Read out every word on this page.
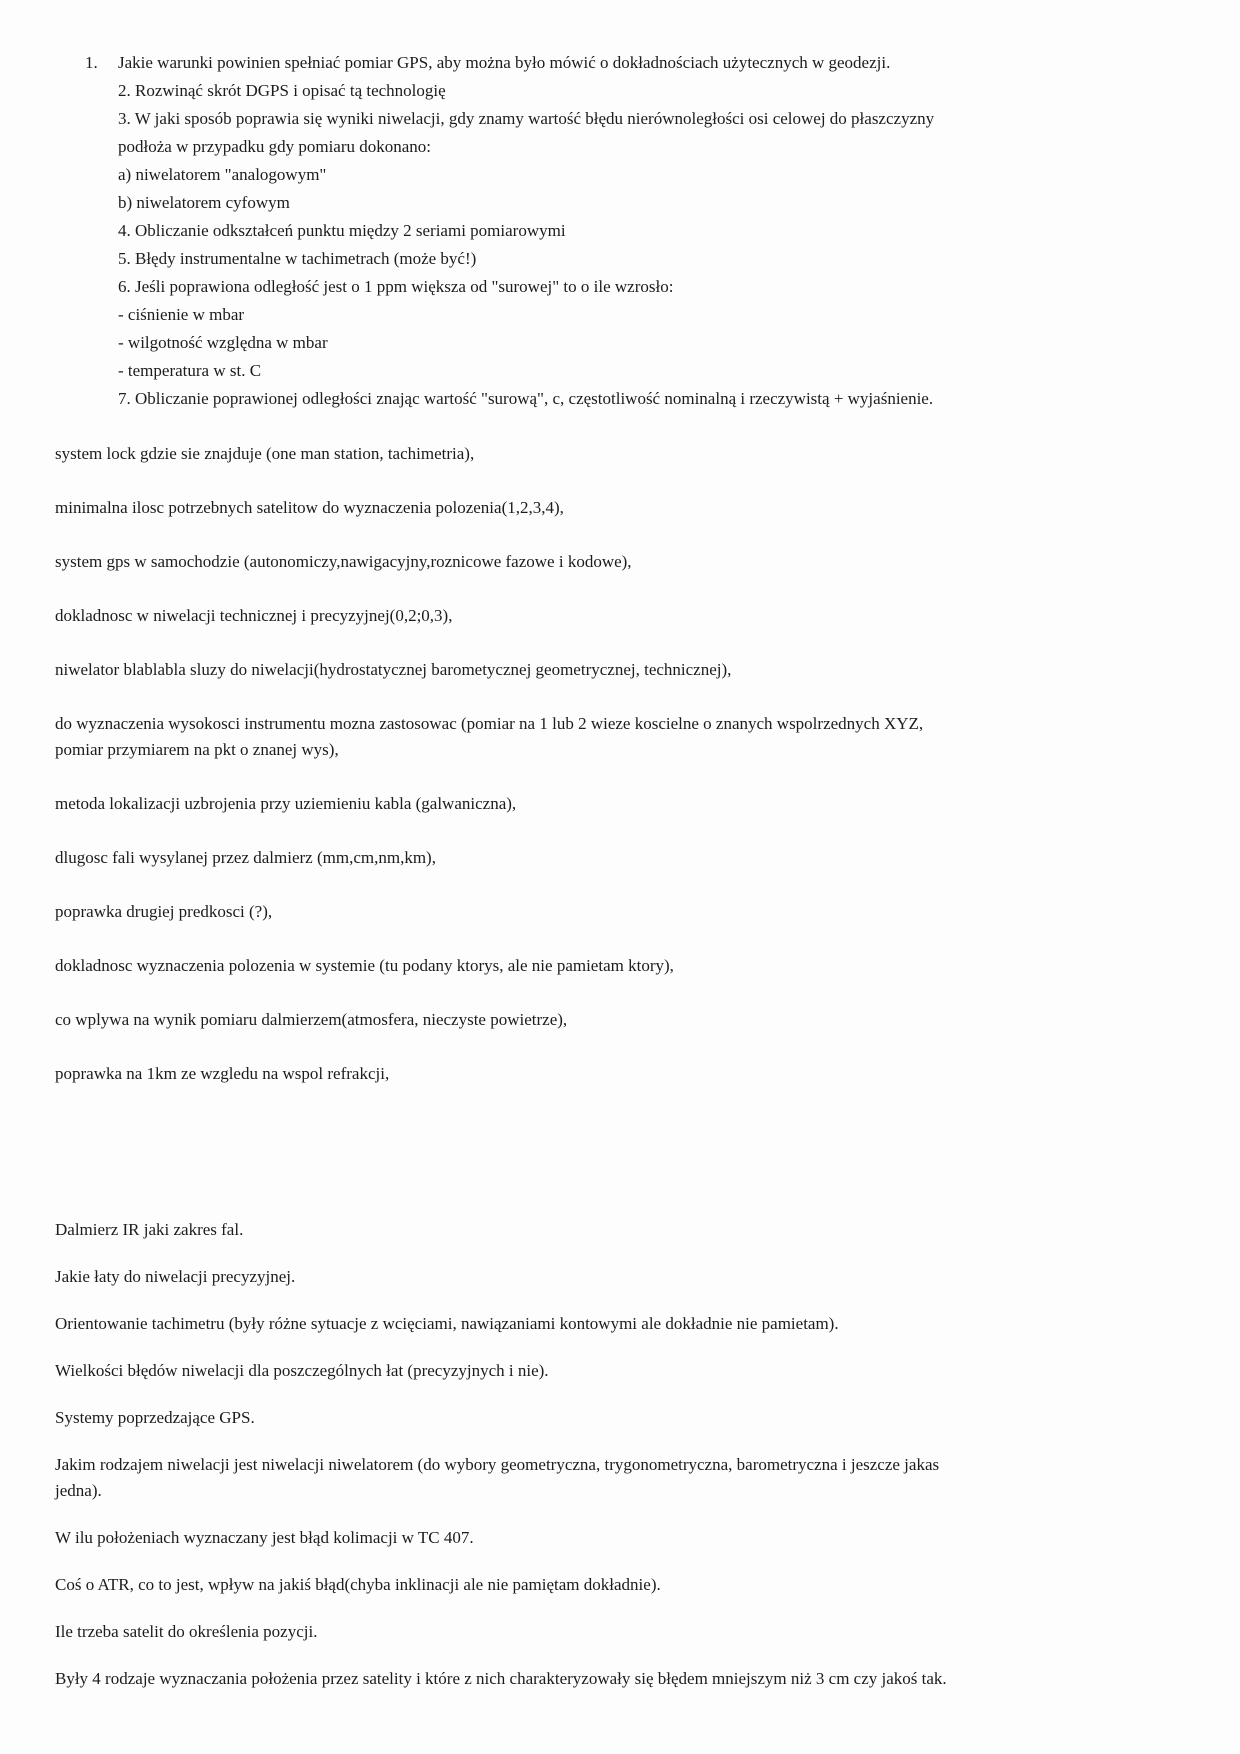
1. Jakie warunki powinien spełniać pomiar GPS, aby można było mówić o dokładnościach użytecznych w geodezji.
2. Rozwinąć skrót DGPS i opisać tą technologię
3. W jaki sposób poprawia się wyniki niwelacji, gdy znamy wartość błędu nierównoległości osi celowej do płaszczyzny
podłoża w przypadku gdy pomiaru dokonano:
a) niwelatorem "analogowym"
b) niwelatorem cyfowym
4. Obliczanie odkształceń punktu między 2 seriami pomiarowymi
5. Błędy instrumentalne w tachimetrach (może być!)
6. Jeśli poprawiona odległość jest o 1 ppm większa od "surowej" to o ile wzrosło:
- ciśnienie w mbar
- wilgotność względna w mbar
- temperatura w st. C
7. Obliczanie poprawionej odległości znając wartość "surową", c, częstotliwość nominalną i rzeczywistą + wyjaśnienie.
system lock gdzie sie znajduje (one man station, tachimetria),
minimalna ilosc potrzebnych satelitow do wyznaczenia polozenia(1,2,3,4),
system gps w samochodzie (autonomiczy,nawigacyjny,roznicowe fazowe i kodowe),
dokladnosc w niwelacji technicznej i precyzyjnej(0,2;0,3),
niwelator blablabla sluzy do niwelacji(hydrostatycznej barometycznej geometrycznej, technicznej),
do wyznaczenia wysokosci instrumentu mozna zastosowac (pomiar na 1 lub 2 wieze koscielne o znanych wspolrzednych XYZ,
pomiar przymiarem na pkt o znanej wys),
metoda lokalizacji uzbrojenia przy uziemieniu kabla (galwaniczna),
dlugosc fali wysylanej przez dalmierz (mm,cm,nm,km),
poprawka drugiej predkosci (?),
dokladnosc wyznaczenia polozenia w systemie (tu podany ktorys, ale nie pamietam ktory),
co wplywa na wynik pomiaru dalmierzem(atmosfera, nieczyste powietrze),
poprawka na 1km ze wzgledu na wspol refrakcji,
Dalmierz IR jaki zakres fal.
Jakie łaty do niwelacji precyzyjnej.
Orientowanie tachimetru (były różne sytuacje z wcięciami, nawiązaniami kontowymi ale dokładnie nie pamietam).
Wielkości błędów niwelacji dla poszczególnych łat (precyzyjnych i nie).
Systemy poprzedzające GPS.
Jakim rodzajem niwelacji jest niwelacji niwelatorem (do wybory geometryczna, trygonometryczna, barometryczna i jeszcze jakas
jedna).
W ilu położeniach wyznaczany jest błąd kolimacji w TC 407.
Coś o ATR, co to jest, wpływ na jakiś błąd(chyba inklinacji ale nie pamiętam dokładnie).
Ile trzeba satelit do określenia pozycji.
Były 4 rodzaje wyznaczania położenia przez satelity i które z nich charakteryzowały się błędem mniejszym niż 3 cm czy jakoś tak.
